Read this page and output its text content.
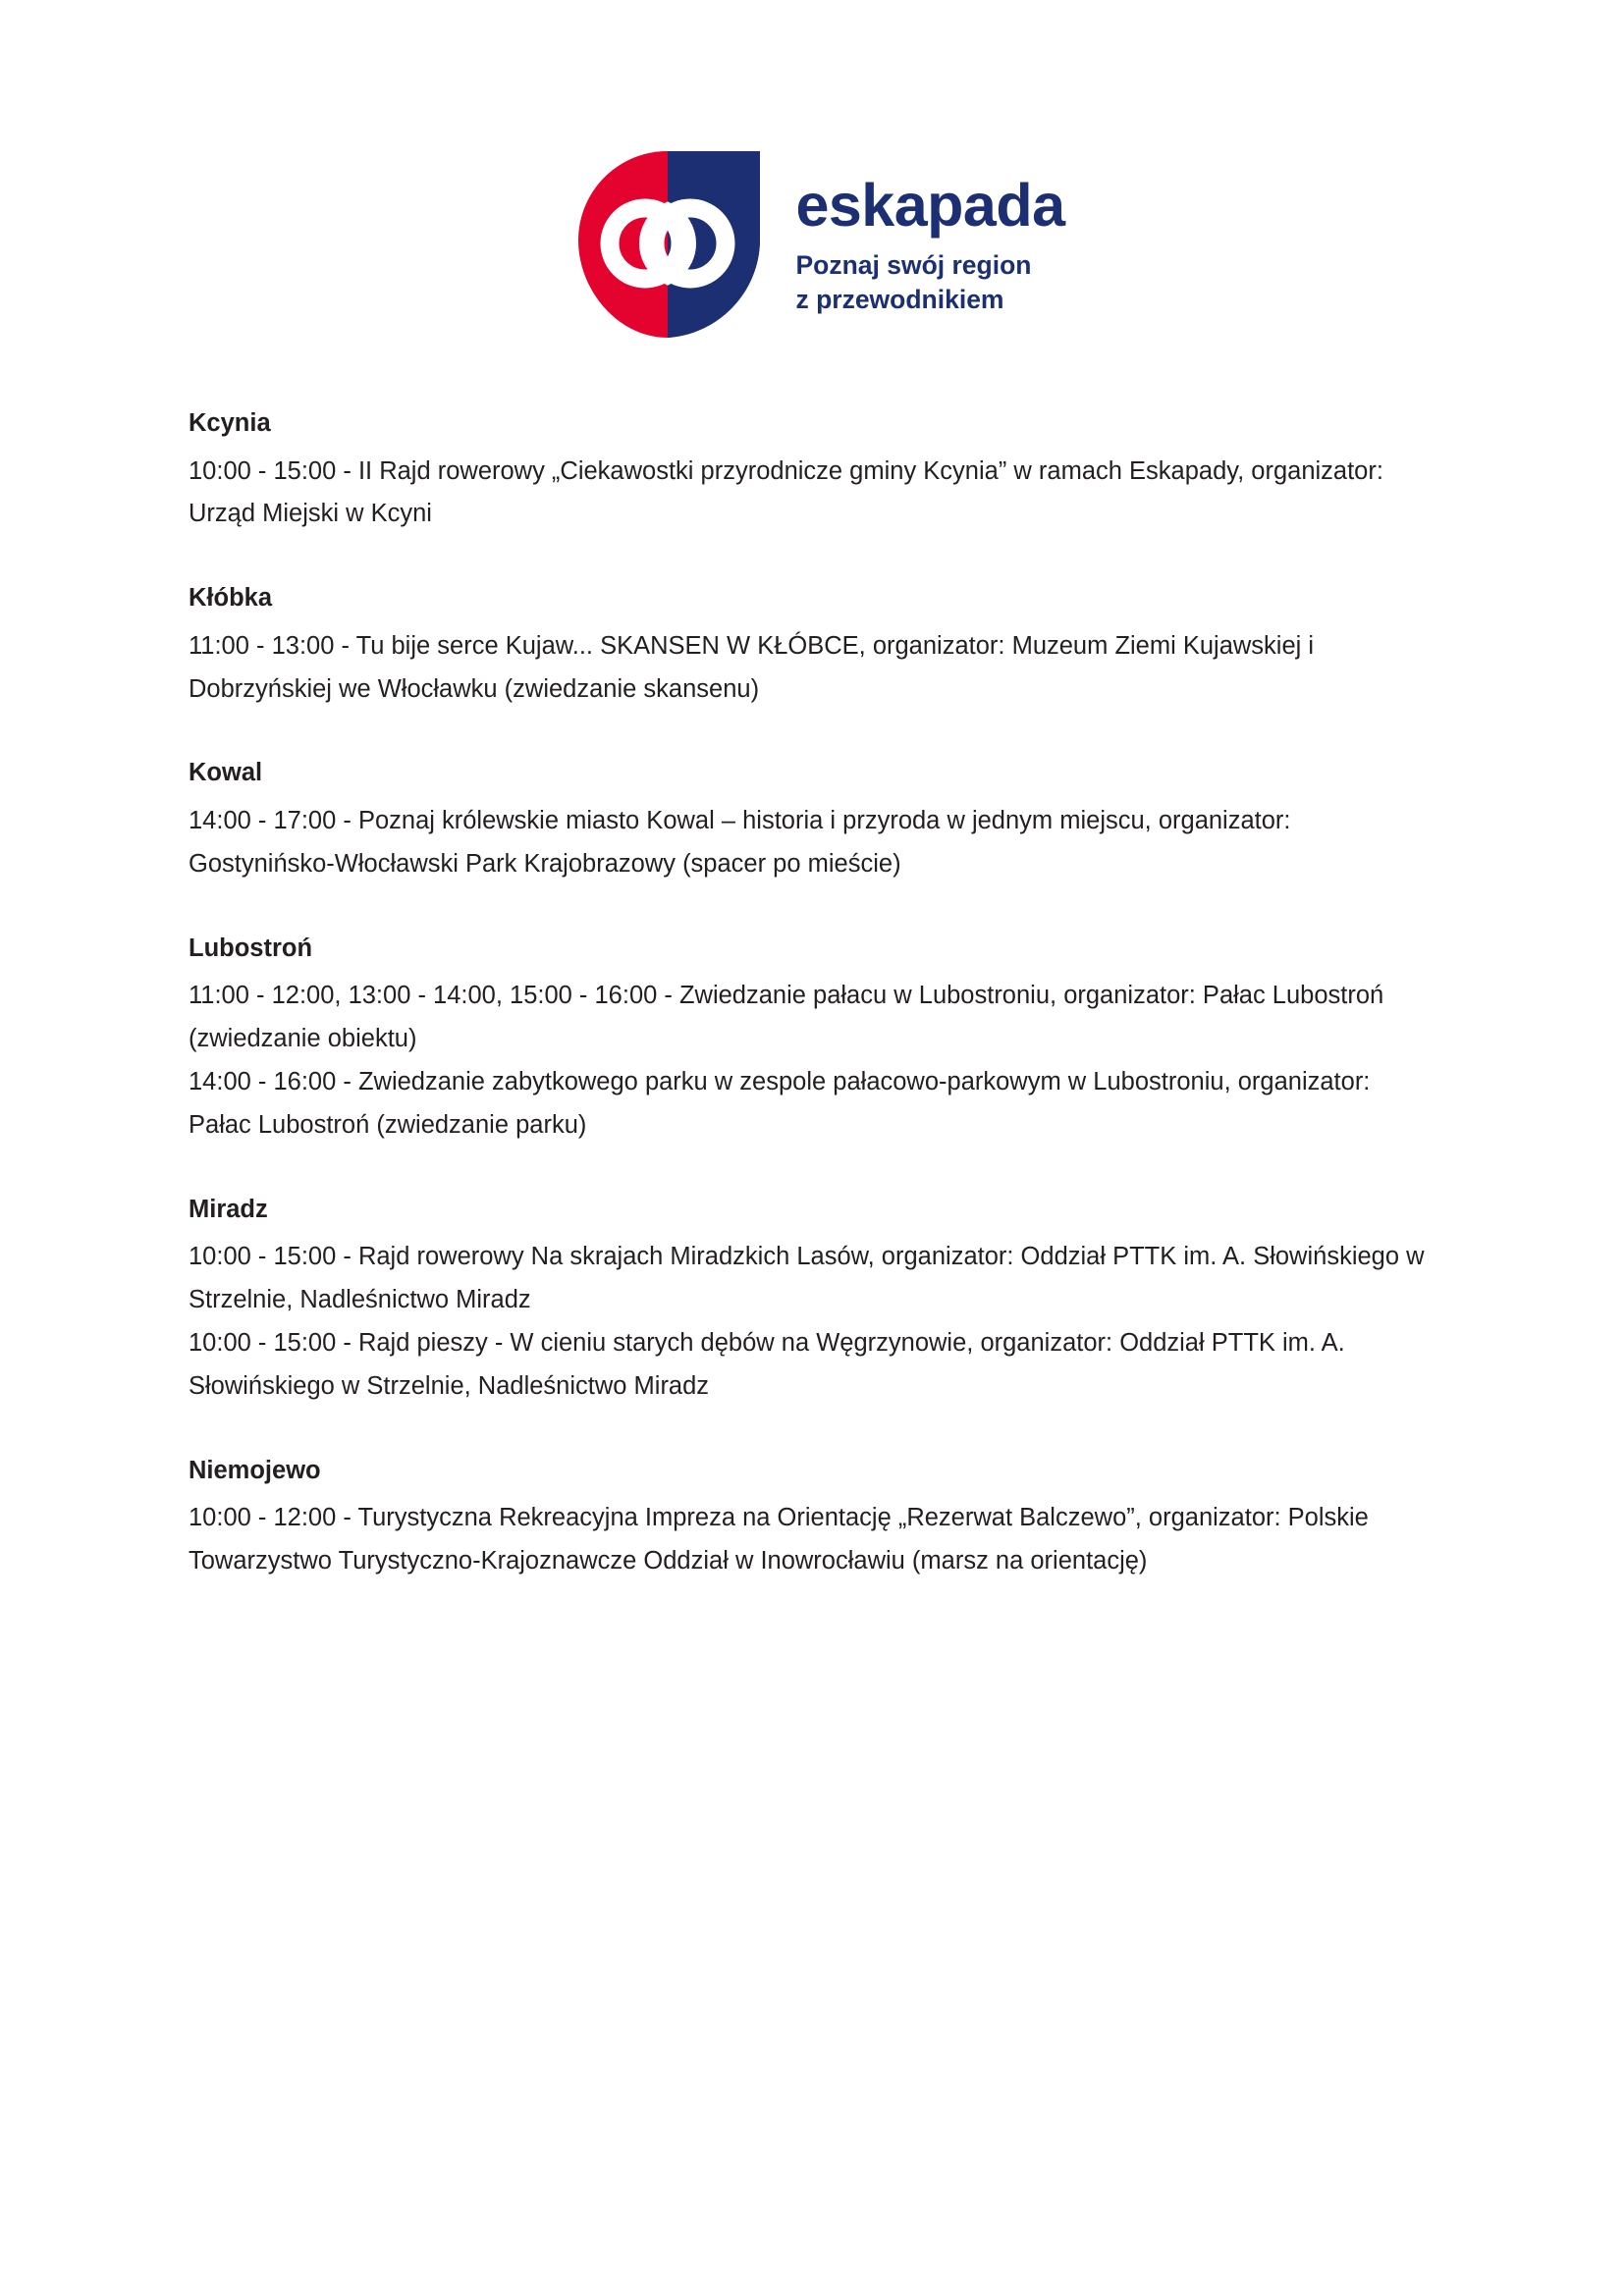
eskapada
Poznaj swój region
z przewodnikiem
Kcynia
10:00 - 15:00 - II Rajd rowerowy „Ciekawostki przyrodnicze gminy Kcynia” w ramach Eskapady, organizator: Urząd Miejski w Kcyni
Kłóbka
11:00 - 13:00 - Tu bije serce Kujaw... SKANSEN W KŁÓBCE, organizator: Muzeum Ziemi Kujawskiej i Dobrzyńskiej we Włocławku (zwiedzanie skansenu)
Kowal
14:00 - 17:00 - Poznaj królewskie miasto Kowal – historia i przyroda w jednym miejscu, organizator: Gostynińsko-Włocławski Park Krajobrazowy (spacer po mieście)
Lubostroń
11:00 - 12:00, 13:00 - 14:00, 15:00 - 16:00 - Zwiedzanie pałacu w Lubostroniu, organizator: Pałac Lubostroń (zwiedzanie obiektu)
14:00 - 16:00 - Zwiedzanie zabytkowego parku w zespole pałacowo-parkowym w Lubostroniu, organizator: Pałac Lubostroń (zwiedzanie parku)
Miradz
10:00 - 15:00 - Rajd rowerowy Na skrajach Miradzkich Lasów, organizator: Oddział PTTK im. A. Słowińskiego w Strzelnie, Nadleśnictwo Miradz
10:00 - 15:00 - Rajd pieszy - W cieniu starych dębów na Węgrzynowie, organizator: Oddział PTTK im. A. Słowińskiego w Strzelnie, Nadleśnictwo Miradz
Niemojewo
10:00 - 12:00 - Turystyczna Rekreacyjna Impreza na Orientację „Rezerwat Balczewo”, organizator: Polskie Towarzystwo Turystyczno-Krajoznawcze Oddział w Inowrocławiu (marsz na orientację)
